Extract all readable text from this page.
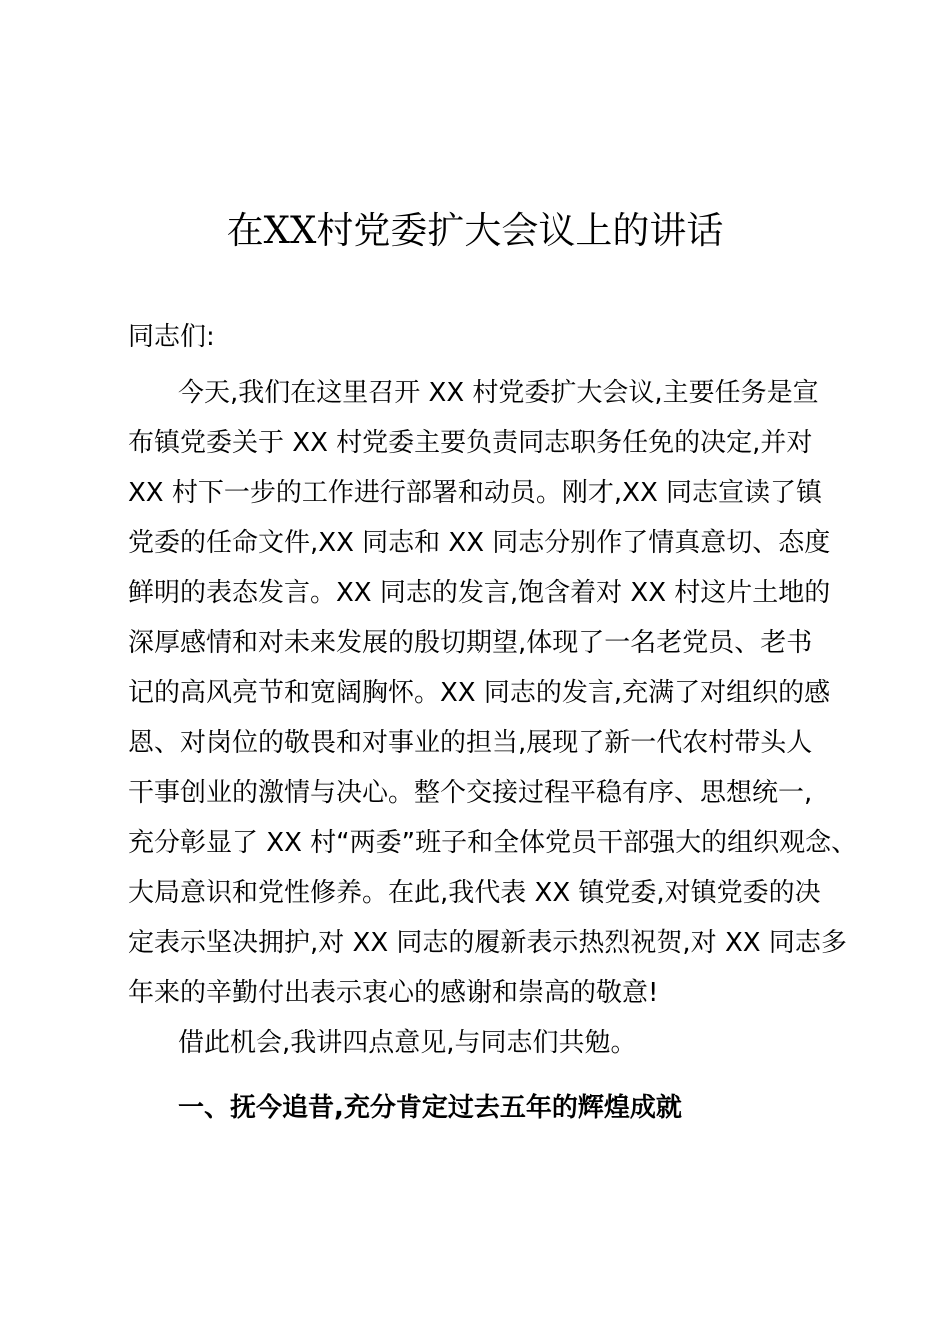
在XX村党委扩大会议上的讲话
同志们:
今天,我们在这里召开 XX 村党委扩大会议,主要任务是宣
布镇党委关于 XX 村党委主要负责同志职务任免的决定,并对
XX 村下一步的工作进行部署和动员。刚才,XX 同志宣读了镇
党委的任命文件,XX 同志和 XX 同志分别作了情真意切、态度
鲜明的表态发言。XX 同志的发言,饱含着对 XX 村这片土地的
深厚感情和对未来发展的殷切期望,体现了一名老党员、老书
记的高风亮节和宽阔胸怀。XX 同志的发言,充满了对组织的感
恩、对岗位的敬畏和对事业的担当,展现了新一代农村带头人
干事创业的激情与决心。整个交接过程平稳有序、思想统一,
充分彰显了 XX 村“两委”班子和全体党员干部强大的组织观念、
大局意识和党性修养。在此,我代表 XX 镇党委,对镇党委的决
定表示坚决拥护,对 XX 同志的履新表示热烈祝贺,对 XX 同志多
年来的辛勤付出表示衷心的感谢和崇高的敬意!
借此机会,我讲四点意见,与同志们共勉。
一、抚今追昔,充分肯定过去五年的辉煌成就
